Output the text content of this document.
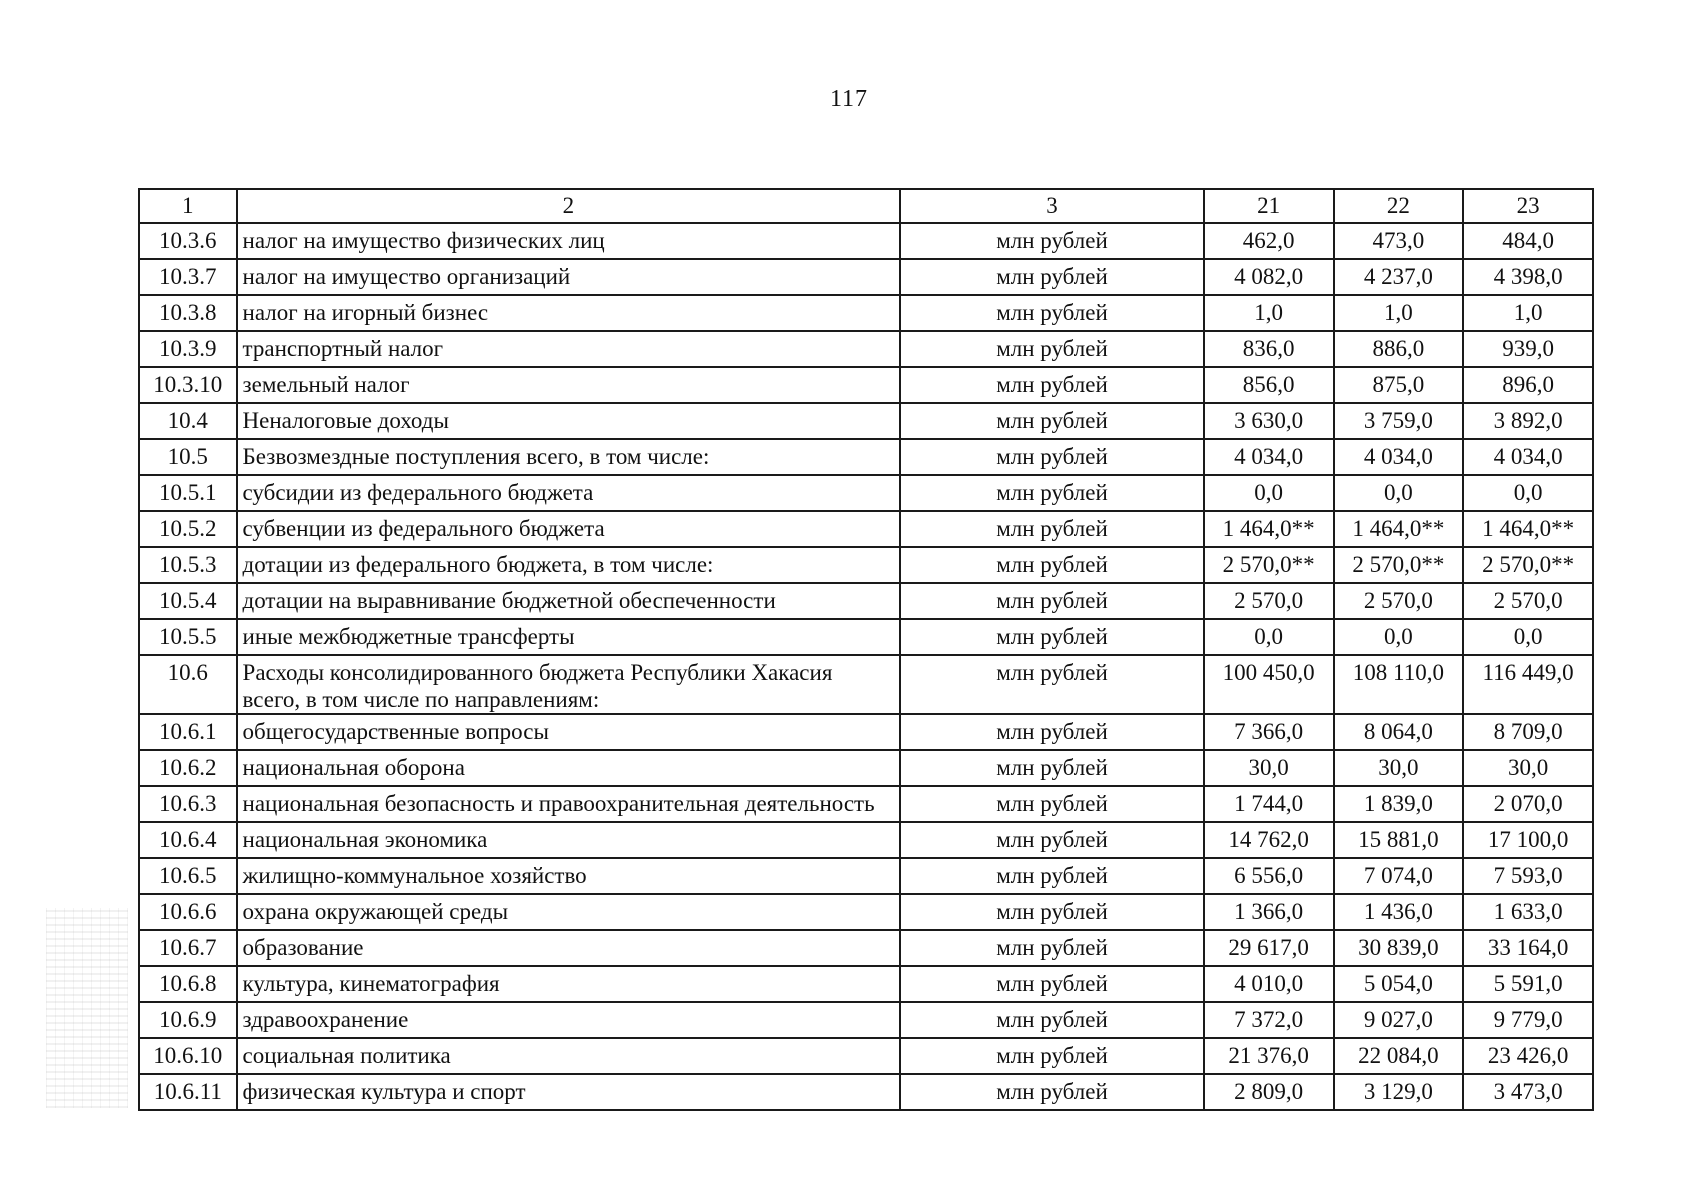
117
1	2	3	21	22	23
10.3.6	налог на имущество физических лиц	млн рублей	462,0	473,0	484,0
10.3.7	налог на имущество организаций	млн рублей	4 082,0	4 237,0	4 398,0
10.3.8	налог на игорный бизнес	млн рублей	1,0	1,0	1,0
10.3.9	транспортный налог	млн рублей	836,0	886,0	939,0
10.3.10	земельный налог	млн рублей	856,0	875,0	896,0
10.4	Неналоговые доходы	млн рублей	3 630,0	3 759,0	3 892,0
10.5	Безвозмездные поступления всего, в том числе:	млн рублей	4 034,0	4 034,0	4 034,0
10.5.1	субсидии из федерального бюджета	млн рублей	0,0	0,0	0,0
10.5.2	субвенции из федерального бюджета	млн рублей	1 464,0**	1 464,0**	1 464,0**
10.5.3	дотации из федерального бюджета, в том числе:	млн рублей	2 570,0**	2 570,0**	2 570,0**
10.5.4	дотации на выравнивание бюджетной обеспеченности	млн рублей	2 570,0	2 570,0	2 570,0
10.5.5	иные межбюджетные трансферты	млн рублей	0,0	0,0	0,0
10.6	Расходы консолидированного бюджета Республики Хакасия всего, в том числе по направлениям:	млн рублей	100 450,0	108 110,0	116 449,0
10.6.1	общегосударственные вопросы	млн рублей	7 366,0	8 064,0	8 709,0
10.6.2	национальная оборона	млн рублей	30,0	30,0	30,0
10.6.3	национальная безопасность и правоохранительная деятельность	млн рублей	1 744,0	1 839,0	2 070,0
10.6.4	национальная экономика	млн рублей	14 762,0	15 881,0	17 100,0
10.6.5	жилищно-коммунальное хозяйство	млн рублей	6 556,0	7 074,0	7 593,0
10.6.6	охрана окружающей среды	млн рублей	1 366,0	1 436,0	1 633,0
10.6.7	образование	млн рублей	29 617,0	30 839,0	33 164,0
10.6.8	культура, кинематография	млн рублей	4 010,0	5 054,0	5 591,0
10.6.9	здравоохранение	млн рублей	7 372,0	9 027,0	9 779,0
10.6.10	социальная политика	млн рублей	21 376,0	22 084,0	23 426,0
10.6.11	физическая культура и спорт	млн рублей	2 809,0	3 129,0	3 473,0
